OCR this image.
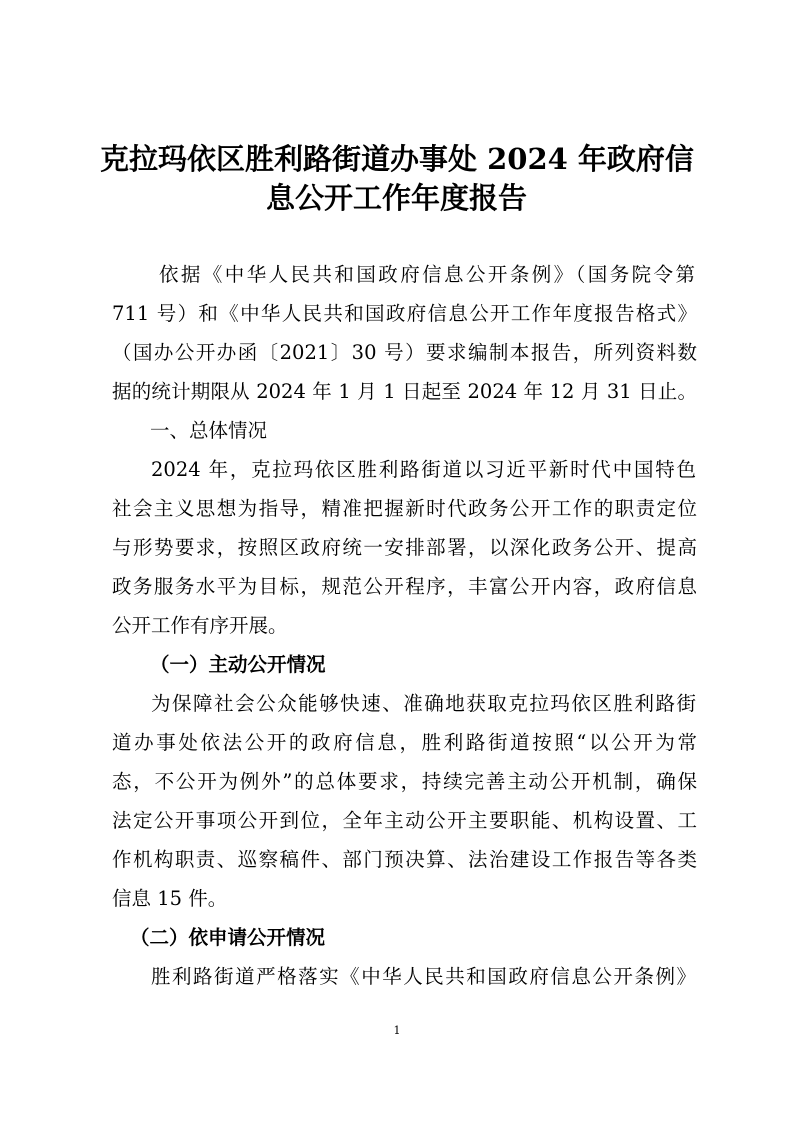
克拉玛依区胜利路街道办事处 2024 年政府信
息公开工作年度报告
依据《中华人民共和国政府信息公开条例》（国务院令第
711 号）和《中华人民共和国政府信息公开工作年度报告格式》
（国办公开办函〔2021〕30 号）要求编制本报告，所列资料数
据的统计期限从 2024 年 1 月 1 日起至 2024 年 12 月 31 日止。
一、总体情况
2024 年，克拉玛依区胜利路街道以习近平新时代中国特色
社会主义思想为指导，精准把握新时代政务公开工作的职责定位
与形势要求，按照区政府统一安排部署，以深化政务公开、提高
政务服务水平为目标，规范公开程序，丰富公开内容，政府信息
公开工作有序开展。
（一）主动公开情况
为保障社会公众能够快速、准确地获取克拉玛依区胜利路街
道办事处依法公开的政府信息，胜利路街道按照“以公开为常
态，不公开为例外”的总体要求，持续完善主动公开机制，确保
法定公开事项公开到位，全年主动公开主要职能、机构设置、工
作机构职责、巡察稿件、部门预决算、法治建设工作报告等各类
信息 15 件。
（二）依申请公开情况
胜利路街道严格落实《中华人民共和国政府信息公开条例》
1
